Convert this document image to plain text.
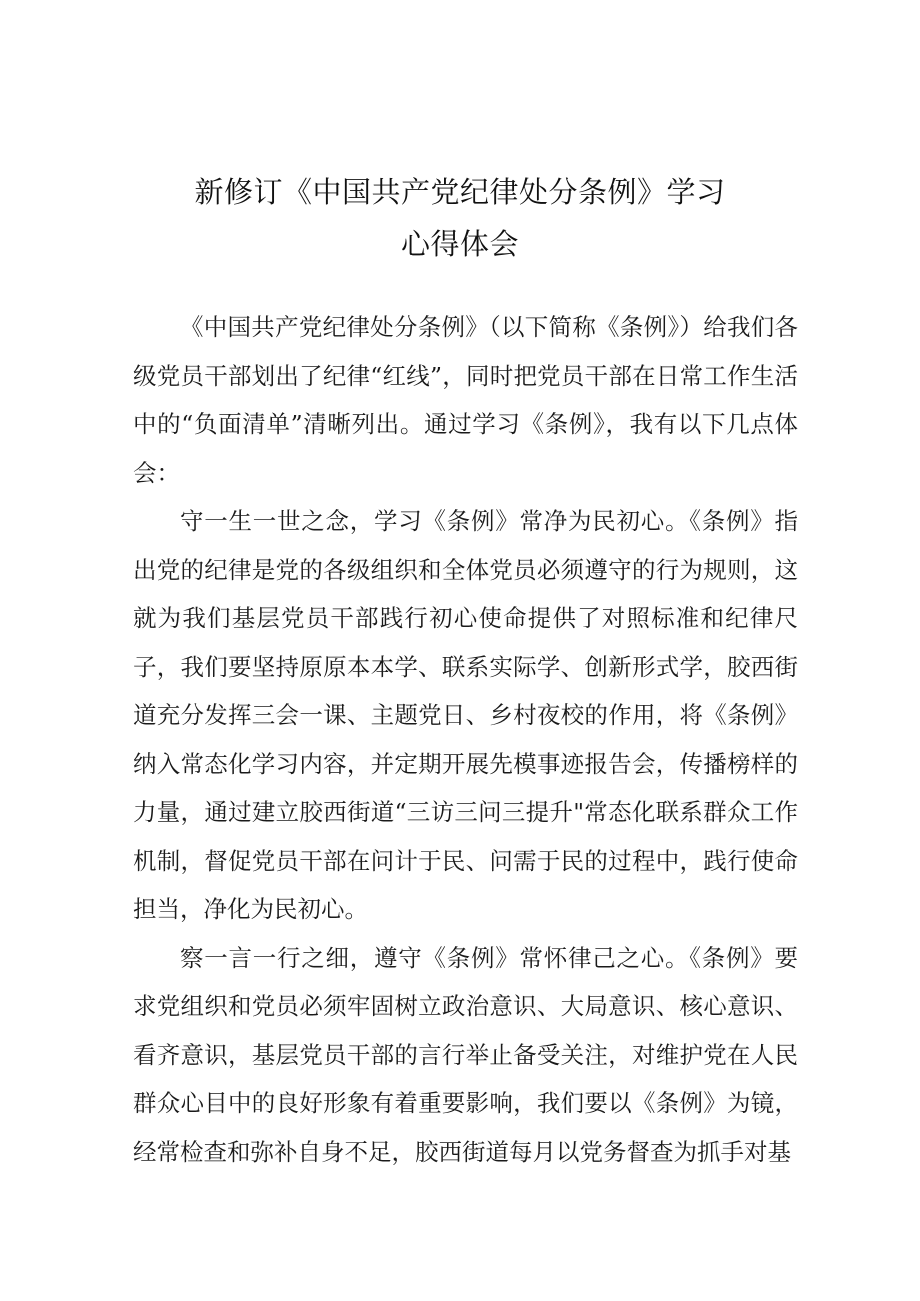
新修订《中国共产党纪律处分条例》学习
心得体会

《中国共产党纪律处分条例》（以下简称《条例》）给我们各级党员干部划出了纪律“红线”，同时把党员干部在日常工作生活中的“负面清单”清晰列出。通过学习《条例》，我有以下几点体会：

守一生一世之念，学习《条例》常净为民初心。《条例》指出党的纪律是党的各级组织和全体党员必须遵守的行为规则，这就为我们基层党员干部践行初心使命提供了对照标准和纪律尺子，我们要坚持原原本本学、联系实际学、创新形式学，胶西街道充分发挥三会一课、主题党日、乡村夜校的作用，将《条例》纳入常态化学习内容，并定期开展先模事迹报告会，传播榜样的力量，通过建立胶西街道“三访三问三提升"常态化联系群众工作机制，督促党员干部在问计于民、问需于民的过程中，践行使命担当，净化为民初心。

察一言一行之细，遵守《条例》常怀律己之心。《条例》要求党组织和党员必须牢固树立政治意识、大局意识、核心意识、看齐意识，基层党员干部的言行举止备受关注，对维护党在人民群众心目中的良好形象有着重要影响，我们要以《条例》为镜，经常检查和弥补自身不足，胶西街道每月以党务督查为抓手对基
